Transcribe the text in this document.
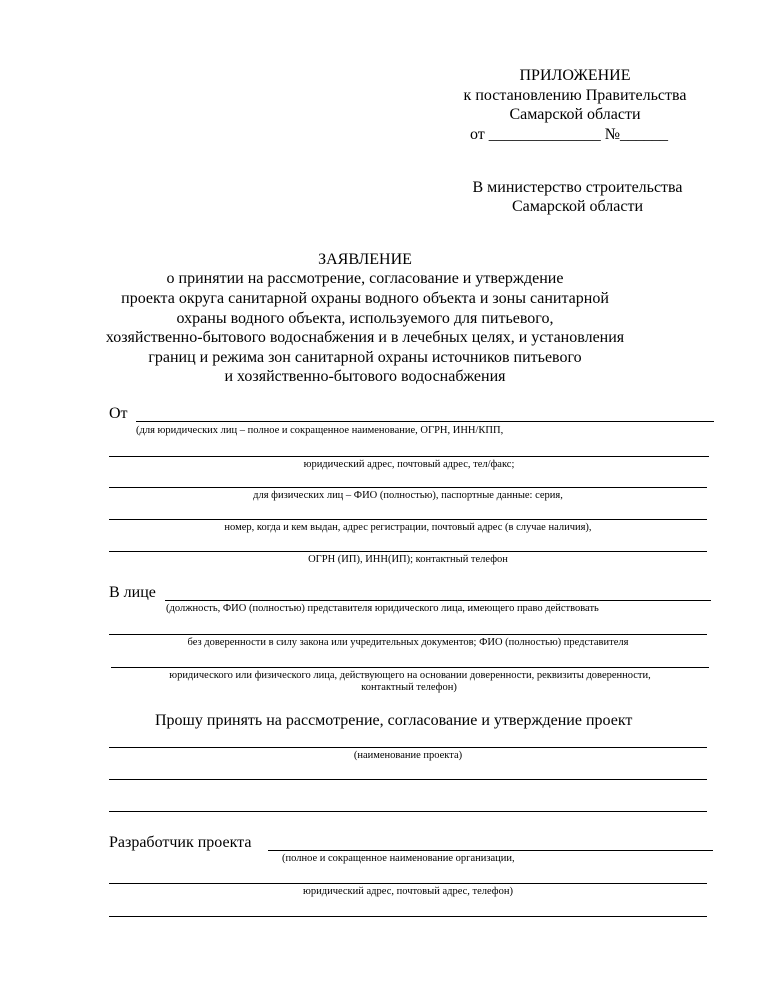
ПРИЛОЖЕНИЕ
к постановлению Правительства
Самарской области
от ______________ №______
В министерство строительства
Самарской области
ЗАЯВЛЕНИЕ
о принятии на рассмотрение, согласование и утверждение
проекта округа санитарной охраны водного объекта и зоны санитарной
охраны водного объекта, используемого для питьевого,
хозяйственно-бытового водоснабжения и в лечебных целях, и установления
границ и режима зон санитарной охраны источников питьевого
и хозяйственно-бытового водоснабжения
От
(для юридических лиц – полное и сокращенное наименование, ОГРН, ИНН/КПП,
юридический адрес, почтовый адрес, тел/факс;
для физических лиц – ФИО (полностью), паспортные данные: серия,
номер, когда и кем выдан, адрес регистрации, почтовый адрес (в случае наличия),
ОГРН (ИП), ИНН(ИП); контактный телефон
В лице
(должность, ФИО (полностью) представителя юридического лица, имеющего право действовать
без доверенности в силу закона или учредительных документов; ФИО (полностью) представителя
юридического или физического лица, действующего на основании доверенности, реквизиты доверенности,
контактный телефон)
Прошу принять на рассмотрение, согласование и утверждение проект
(наименование проекта)
Разработчик проекта
(полное и сокращенное наименование организации,
юридический адрес, почтовый адрес, телефон)
